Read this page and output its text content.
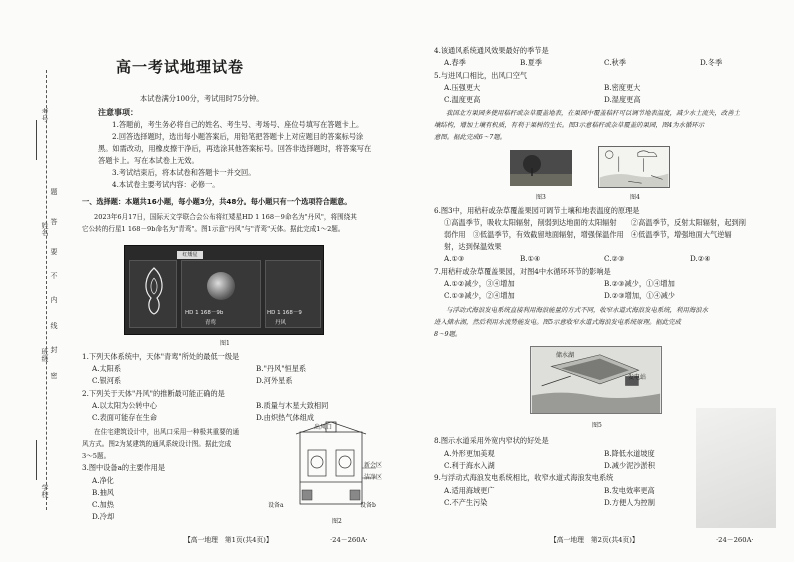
考号
姓名
班级
学校
题
答
要
不
内
线
封
密
高一考试地理试卷
本试卷满分100分，考试用时75分钟。
注意事项：
1.答题前，考生务必将自己的姓名、考生号、考场号、座位号填写在答题卡上。
2.回答选择题时，选出每小题答案后，用铅笔把答题卡上对应题目的答案标号涂
黑。如需改动，用橡皮擦干净后，再选涂其他答案标号。回答非选择题时，将答案写在
答题卡上。写在本试卷上无效。
3.考试结束后，将本试卷和答题卡一并交回。
4.本试卷主要考试内容：必修一。
一、选择题：本题共16小题，每小题3分，共48分。每小题只有一个选项符合题意。
2023年6月17日，国际天文学联合会公布将红矮星HD 1 168－9命名为"丹风"，将围绕其
它公转的行星1 168－9b命名为"青鸾"。图1示意"丹风"与"青鸾"天体。据此完成1～2题。
红矮星
HD 1 168－9b
青鸾
HD 1 168－9
丹风
图1
1.下列天体系统中，天体"青鸾"所处的最低一级是
A.太阳系	B."丹风"恒星系
C.银河系	D.河外星系
2.下列关于天体"丹风"的推断最可能正确的是
A.以太阳为公转中心	B.质量与木星大致相同
C.表面可能存在生命	D.由炽热气体组成
在住宅建筑设计中，出风口采用一种极其重要的通
风方式。图2为某建筑的通风系统设计图。据此完成
3～5题。
3.图中设备a的主要作用是
A.净化
B.抽风
C.加热
D.冷却
出风口
新会区
洁净区
设备a	设备b
图2
【高一地理　第1页(共4页)】	·24－260A·
4.该通风系统通风效果最好的季节是
A.春季	B.夏季	C.秋季	D.冬季
5.与进风口相比，出风口空气
A.压强更大	B.密度更大
C.温度更高	D.湿度更高
我国北方果园多使用秸秆或杂草覆盖地表，在果园中覆盖秸秆可以调节地表温度，减少水土流失，改善土
壤结构，增加土壤有机质，有利于果树的生长。图3示意秸秆或杂草覆盖的果园，图4为水循环示
意图。据此完成6～7题。
图3	图4
6.图3中，用秸秆或杂草覆盖果园可调节土壤和地表温度的原理是
①高温季节，吸收太阳辐射，削弱到达地面的太阳辐射　　②高温季节，反射太阳辐射，起到削
弱作用　③低温季节，有效截留地面辐射，增强保温作用　④低温季节，增强地面大气逆辐
射，达到保温效果
A.①③	B.①④	C.②③	D.②④
7.用秸秆或杂草覆盖果园，对图4中水循环环节的影响是
A.①②减少，③④增加	B.②③减少，①④增加
C.①③减少，②④增加	D.②③增加，①④减少
与浮动式海浪发电系统直接利用海浪能量的方式不同，收窄水道式海浪发电系统，利用海浪水
进入储水湖，然后利用水流势能发电。图5示意收窄水道式海浪发电系统原理。据此完成
8～9题。
储水湖
发电站
图5
8.图示水道采用外宽内窄状的好处是
A.外形更加美观	B.降低水道坡度
C.利于海水入湖	D.减少泥沙淤积
9.与浮动式海浪发电系统相比，收窄水道式海浪发电系统
A.适用海域更广	B.发电效率更高
C.不产生污染	D.方便人为控制
【高一地理　第2页(共4页)】	·24－260A·
